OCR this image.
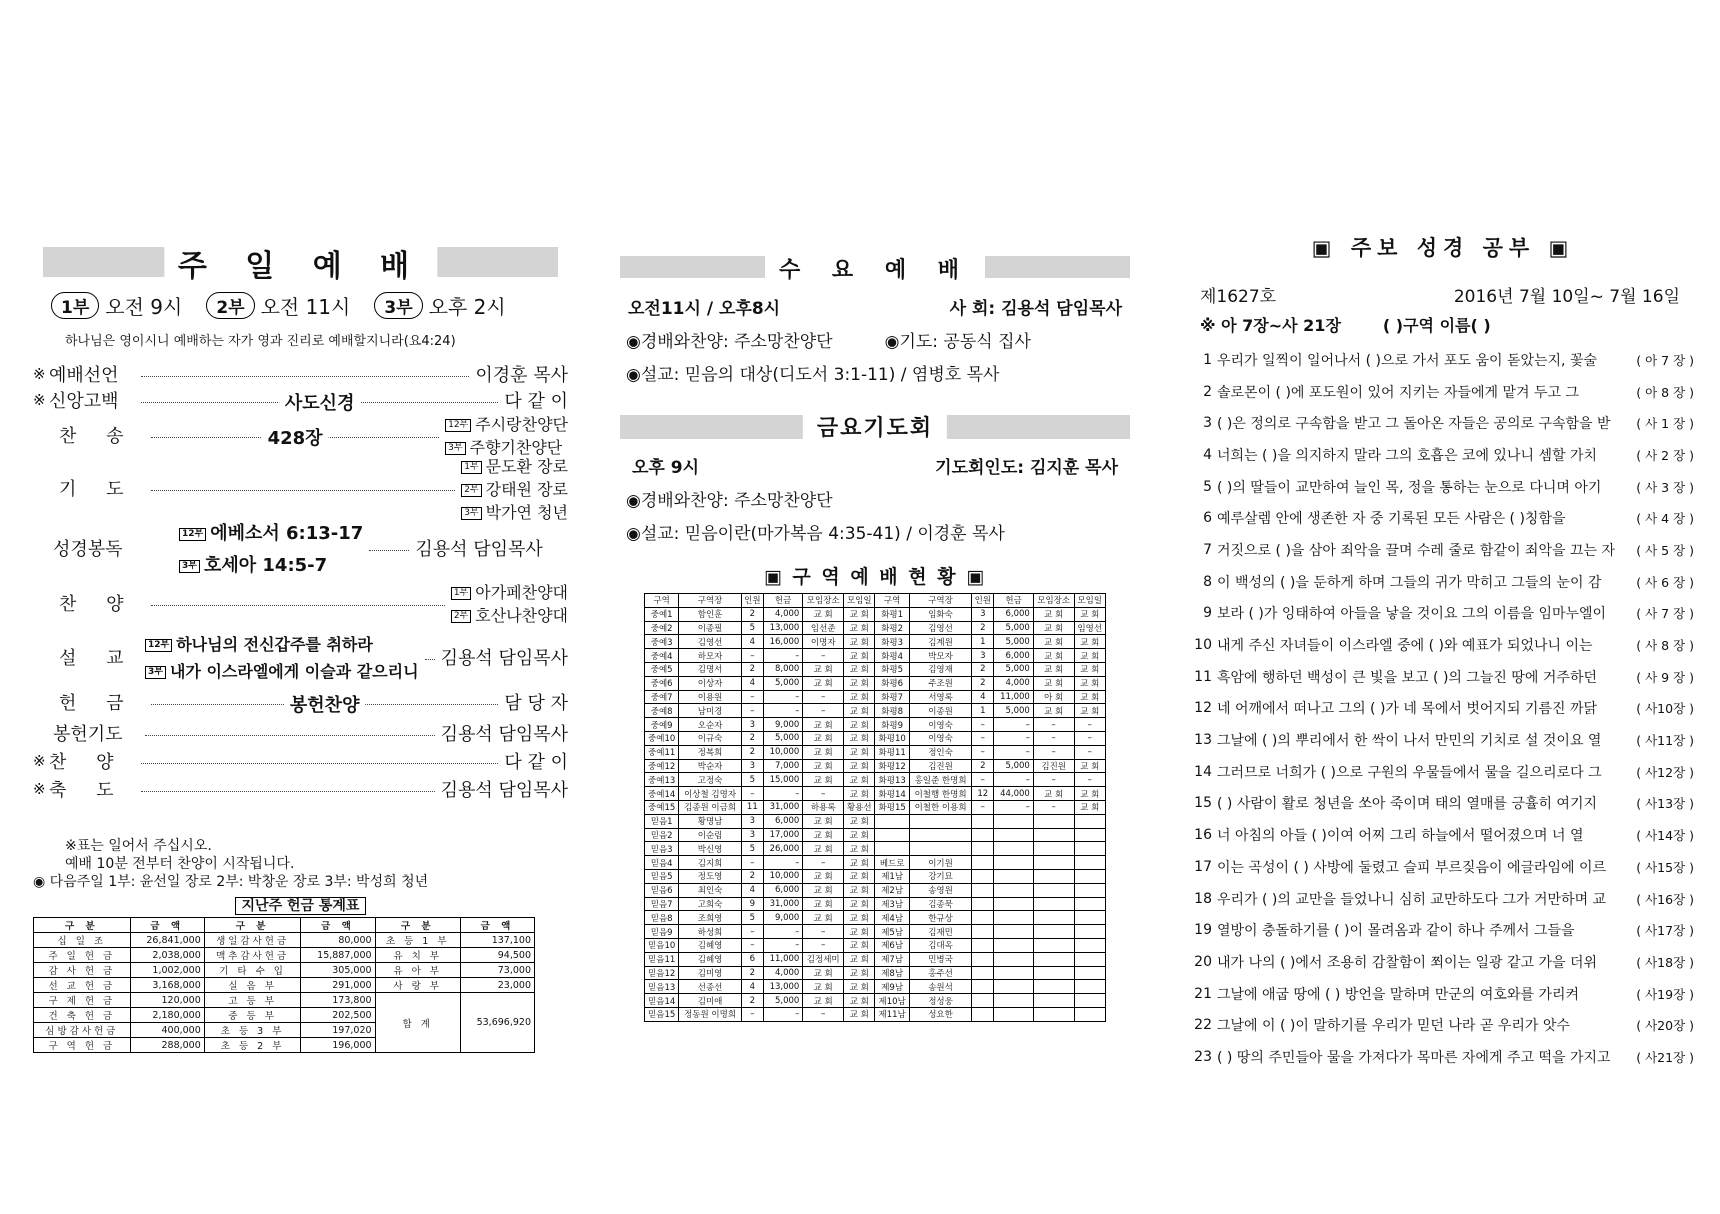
주 일 예 배
1부 오전 9시	2부 오전 11시	3부 오후 2시
하나님은 영이시니 예배하는 자가 영과 진리로 예배할지니라(요4:24)
※ 예배선언	이경훈 목사
※ 신앙고백	사도신경	다 같 이
찬 송	428장
12부 주시랑찬양단
3부 주향기찬양단
기 도
1부 문도환 장로
2부 강태원 장로
3부 박가연 청년
성경봉독
12부 에베소서 6:13-17
3부 호세아 14:5-7
김용석 담임목사
찬 양
1부 아가페찬양대
2부 호산나찬양대
설 교
12부 하나님의 전신갑주를 취하라
3부 내가 이스라엘에게 이슬과 같으리니
김용석 담임목사
헌 금	봉헌찬양	담 당 자
봉헌기도	김용석 담임목사
※ 찬 양	다 같 이
※ 축 도	김용석 담임목사
※표는 일어서 주십시오.
예배 10분 전부터 찬양이 시작됩니다.
◉ 다음주일 1부: 윤선일 장로 2부: 박창운 장로 3부: 박성희 청년
지난주 헌금 통계표
구 분	금 액	구 분	금 액	구 분	금 액
십 일 조	26,841,000	생일감사헌금	80,000	초 등 1 부	137,100
주 일 헌 금	2,038,000	맥추감사헌금	15,887,000	유 치 부	94,500
감 사 헌 금	1,002,000	기 타 수 입	305,000	유 아 부	73,000
선 교 헌 금	3,168,000	실 음 부	291,000	사 랑 부	23,000
구 제 헌 금	120,000	고 등 부	173,800	합 계	53,696,920
건 축 헌 금	2,180,000	중 등 부	202,500		
심방감사헌금	400,000	초 등 3 부	197,020		
구 역 헌 금	288,000	초 등 2 부	196,000		
수 요 예 배
오전11시 / 오후8시	사 회: 김용석 담임목사
◉경배와찬양: 주소망찬양단	◉기도: 공동식 집사
◉설교: 믿음의 대상(디도서 3:1-11) / 염병호 목사
금요기도회
오후 9시	기도회인도: 김지훈 목사
◉경배와찬양: 주소망찬양단
◉설교: 믿음이란(마가복음 4:35-41) / 이경훈 목사
▣ 구 역 예 배 현 황 ▣
구역	구역장	인원	헌금	모임장소	모임일	구역	구역장	인원	헌금	모임장소	모임일
중예1	함인훈	2	4,000	교 회	교 회	화평1	임화숙	3	6,000	교 회	교 회
중예2	이종필	5	13,000	임선준	교 회	화평2	김영선	2	5,000	교 회	임영선
중예3	김영선	4	16,000	이명자	교 회	화평3	김계원	1	5,000	교 회	교 회
중예4	하모자	–	–	–	교 회	화평4	박모자	3	6,000	교 회	교 회
중예5	김명서	2	8,000	교 회	교 회	화평5	김영재	2	5,000	교 회	교 회
중예6	이상자	4	5,000	교 회	교 회	화평6	주조원	2	4,000	교 회	교 회
중예7	이용원	–	–	–	교 회	화평7	서영록	4	11,000	아 회	교 회
중예8	남미경	–	–	–	교 회	화평8	이종원	1	5,000	교 회	교 회
중예9	오순자	3	9,000	교 회	교 회	화평9	이영숙	–	–	–	–
중예10	이규숙	2	5,000	교 회	교 회	화평10	이영숙	–	–	–	–
중예11	정복희	2	10,000	교 회	교 회	화평11	정인숙	–	–	–	–
중예12	박순자	3	7,000	교 회	교 회	화평12	김진원	2	5,000	김진원	교 회
중예13	고정숙	5	15,000	교 회	교 회	화평13	홍일준 한명희	–	–	–	–
중예14	이상철 김명자	–	–	–	교 회	화평14	이철행 한명희	12	44,000	교 회	교 회
중예15	김종원 이금희	11	31,000	하용록	황용선	화평15	이철한 이용희	–	–	–	교 회
믿음1	황명남	3	6,000	교 회	교 회						
믿음2	이순림	3	17,000	교 회	교 회						
믿음3	박신영	5	26,000	교 회	교 회						
믿음4	김지희	–	–	–	교 회	베드로	이기원				
믿음5	정도영	2	10,000	교 회	교 회	제1남	강기묘				
믿음6	최인숙	4	6,000	교 회	교 회	제2남	송영원				
믿음7	고희숙	9	31,000	교 회	교 회	제3남	김종묵				
믿음8	조희영	5	9,000	교 회	교 회	제4남	한규상				
믿음9	하성희	–	–	–	교 회	제5남	김재민				
믿음10	김혜영	–	–	–	교 회	제6남	김대옥				
믿음11	김혜영	6	11,000	김정세미	교 회	제7남	민병국				
믿음12	김미영	2	4,000	교 회	교 회	제8남	홍주선				
믿음13	선종선	4	13,000	교 회	교 회	제9남	송원석				
믿음14	김미애	2	5,000	교 회	교 회	제10남	정성웅				
믿음15	정동원 이명희	–	–	–	교 회	제11남	성요한				
▣ 주보 성경 공부 ▣
제1627호	2016년 7월 10일~ 7월 16일
※ 아 7장~사 21장	( )구역 이름( )
1 우리가 일찍이 일어나서 ( )으로 가서 포도 움이 돋았는지, 꽃술	( 아 7 장 )
2 솔로몬이 ( )에 포도원이 있어 지키는 자들에게 맡겨 두고 그	( 아 8 장 )
3 ( )은 정의로 구속함을 받고 그 돌아온 자들은 공의로 구속함을 받	( 사 1 장 )
4 너희는 ( )을 의지하지 말라 그의 호흡은 코에 있나니 셈할 가치	( 사 2 장 )
5 ( )의 딸들이 교만하여 늘인 목, 정을 통하는 눈으로 다니며 아기	( 사 3 장 )
6 예루살렘 안에 생존한 자 중 기록된 모든 사람은 ( )칭함을	( 사 4 장 )
7 거짓으로 ( )을 삼아 죄악을 끌며 수레 줄로 함같이 죄악을 끄는 자	( 사 5 장 )
8 이 백성의 ( )을 둔하게 하며 그들의 귀가 막히고 그들의 눈이 감	( 사 6 장 )
9 보라 ( )가 잉태하여 아들을 낳을 것이요 그의 이름을 임마누엘이	( 사 7 장 )
10 내게 주신 자녀들이 이스라엘 중에 ( )와 예표가 되었나니 이는	( 사 8 장 )
11 흑암에 행하던 백성이 큰 빛을 보고 ( )의 그늘진 땅에 거주하던	( 사 9 장 )
12 네 어깨에서 떠나고 그의 ( )가 네 목에서 벗어지되 기름진 까닭	( 사10장 )
13 그날에 ( )의 뿌리에서 한 싹이 나서 만민의 기치로 설 것이요 열	( 사11장 )
14 그러므로 너희가 ( )으로 구원의 우물들에서 물을 길으리로다 그	( 사12장 )
15 ( ) 사람이 활로 청년을 쏘아 죽이며 태의 열매를 긍휼히 여기지	( 사13장 )
16 너 아침의 아들 ( )이여 어찌 그리 하늘에서 떨어졌으며 너 열	( 사14장 )
17 이는 곡성이 ( ) 사방에 둘렸고 슬피 부르짖음이 에글라임에 이르	( 사15장 )
18 우리가 ( )의 교만을 들었나니 심히 교만하도다 그가 거만하며 교	( 사16장 )
19 열방이 충돌하기를 ( )이 몰려옴과 같이 하나 주께서 그들을	( 사17장 )
20 내가 나의 ( )에서 조용히 감찰함이 쬐이는 일광 같고 가을 더위	( 사18장 )
21 그날에 애굽 땅에 ( ) 방언을 말하며 만군의 여호와를 가리켜	( 사19장 )
22 그날에 이 ( )이 말하기를 우리가 믿던 나라 곧 우리가 앗수	( 사20장 )
23 ( ) 땅의 주민들아 물을 가져다가 목마른 자에게 주고 떡을 가지고	( 사21장 )
